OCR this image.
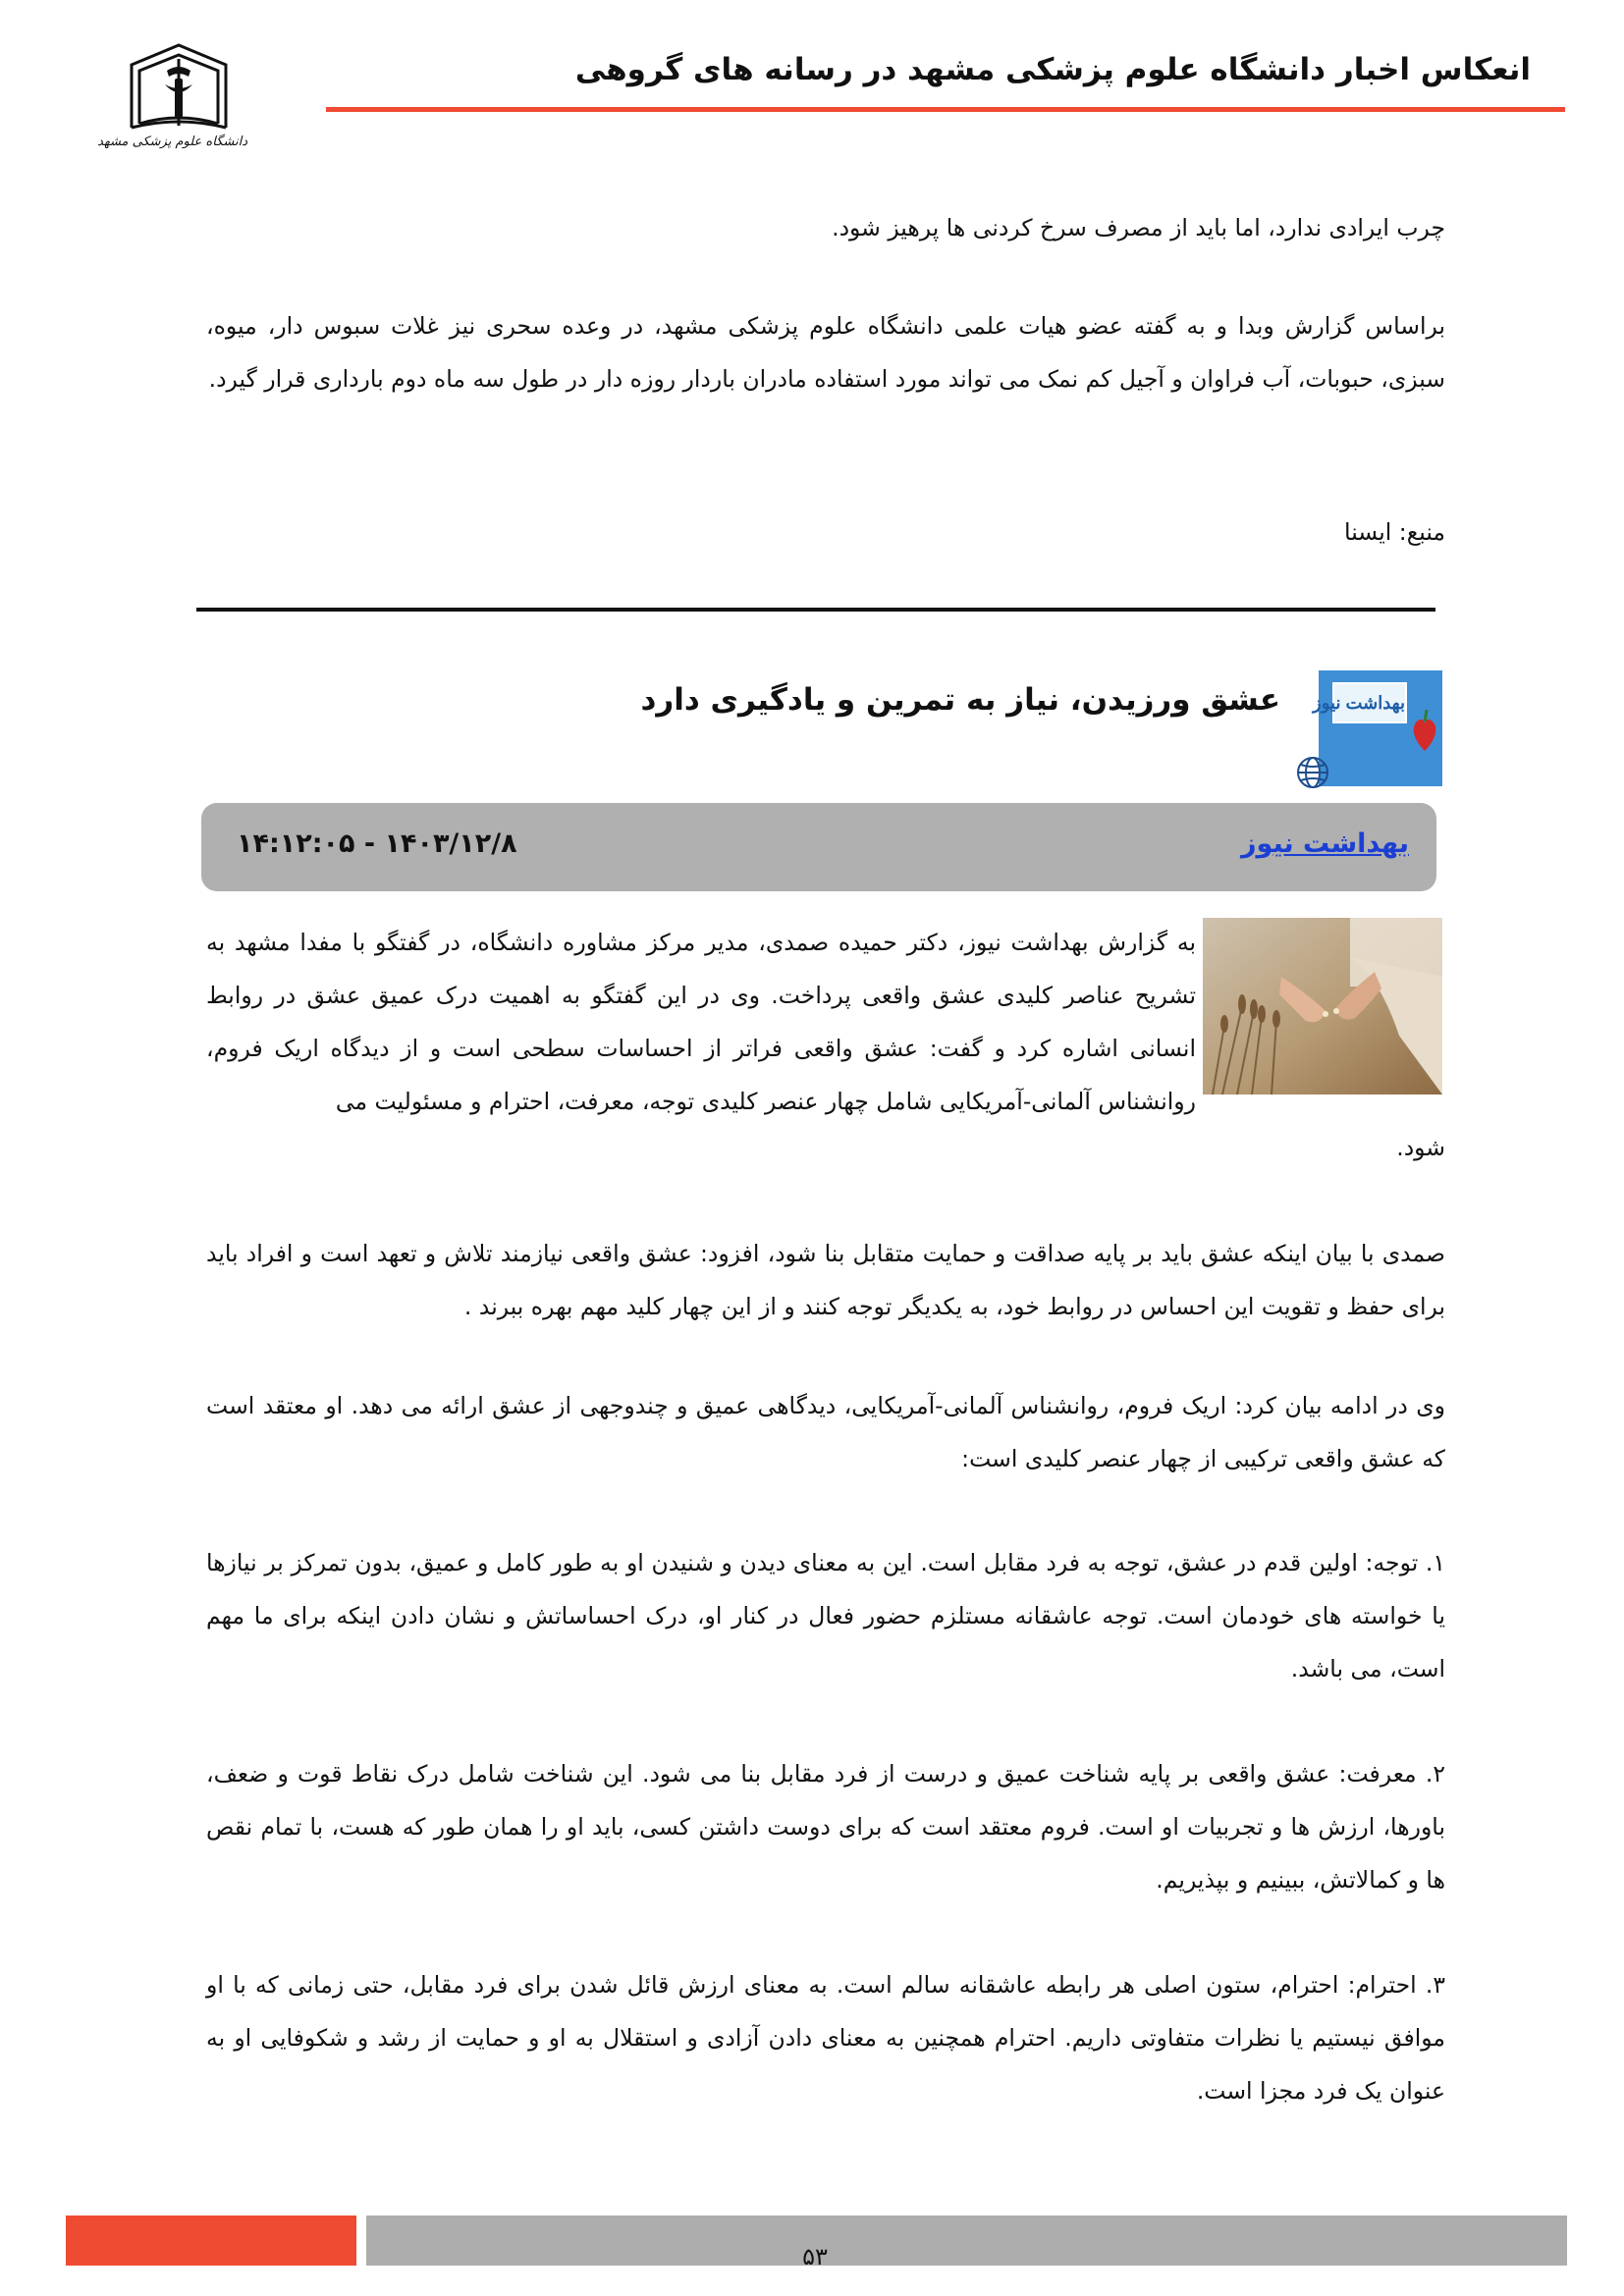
دانشگاه علوم پزشکی مشهد
انعکاس اخبار دانشگاه علوم پزشکی مشهد در رسانه های گروهی

چرب ایرادی ندارد، اما باید از مصرف سرخ کردنی ها پرهیز شود.

براساس گزارش وبدا و به گفته عضو هیات علمی دانشگاه علوم پزشکی مشهد، در وعده سحری نیز غلات سبوس دار، میوه، سبزی، حبوبات، آب فراوان و آجیل کم نمک می تواند مورد استفاده مادران باردار روزه دار در طول سه ماه دوم بارداری قرار گیرد.

منبع: ایسنا

بهداشت نیوز
عشق ورزیدن، نیاز به تمرین و یادگیری دارد
بهداشت نیوز
۱۴۰۳/۱۲/۸ - ۱۴:۱۲:۰۵

به گزارش بهداشت نیوز، دکتر حمیده صمدی، مدیر مرکز مشاوره دانشگاه، در گفتگو با مفدا مشهد به تشریح عناصر کلیدی عشق واقعی پرداخت. وی در این گفتگو به اهمیت درک عمیق عشق در روابط انسانی اشاره کرد و گفت: عشق واقعی فراتر از احساسات سطحی است و از دیدگاه اریک فروم، روانشناس آلمانی-آمریکایی شامل چهار عنصر کلیدی توجه، معرفت، احترام و مسئولیت می

شود.

صمدی با بیان اینکه عشق باید بر پایه صداقت و حمایت متقابل بنا شود، افزود: عشق واقعی نیازمند تلاش و تعهد است و افراد باید برای حفظ و تقویت این احساس در روابط خود، به یکدیگر توجه کنند و از این چهار کلید مهم بهره ببرند .

وی در ادامه بیان کرد: اریک فروم، روانشناس آلمانی-آمریکایی، دیدگاهی عمیق و چندوجهی از عشق ارائه می دهد. او معتقد است که عشق واقعی ترکیبی از چهار عنصر کلیدی است:

۱. توجه: اولین قدم در عشق، توجه به فرد مقابل است. این به معنای دیدن و شنیدن او به طور کامل و عمیق، بدون تمرکز بر نیازها یا خواسته های خودمان است. توجه عاشقانه مستلزم حضور فعال در کنار او، درک احساساتش و نشان دادن اینکه برای ما مهم است، می باشد.

۲. معرفت: عشق واقعی بر پایه شناخت عمیق و درست از فرد مقابل بنا می شود. این شناخت شامل درک نقاط قوت و ضعف، باورها، ارزش ها و تجربیات او است. فروم معتقد است که برای دوست داشتن کسی، باید او را همان طور که هست، با تمام نقص ها و کمالاتش، ببینیم و بپذیریم.

۳. احترام: احترام، ستون اصلی هر رابطه عاشقانه سالم است. به معنای ارزش قائل شدن برای فرد مقابل، حتی زمانی که با او موافق نیستیم یا نظرات متفاوتی داریم. احترام همچنین به معنای دادن آزادی و استقلال به او و حمایت از رشد و شکوفایی او به عنوان یک فرد مجزا است.

۵۳
